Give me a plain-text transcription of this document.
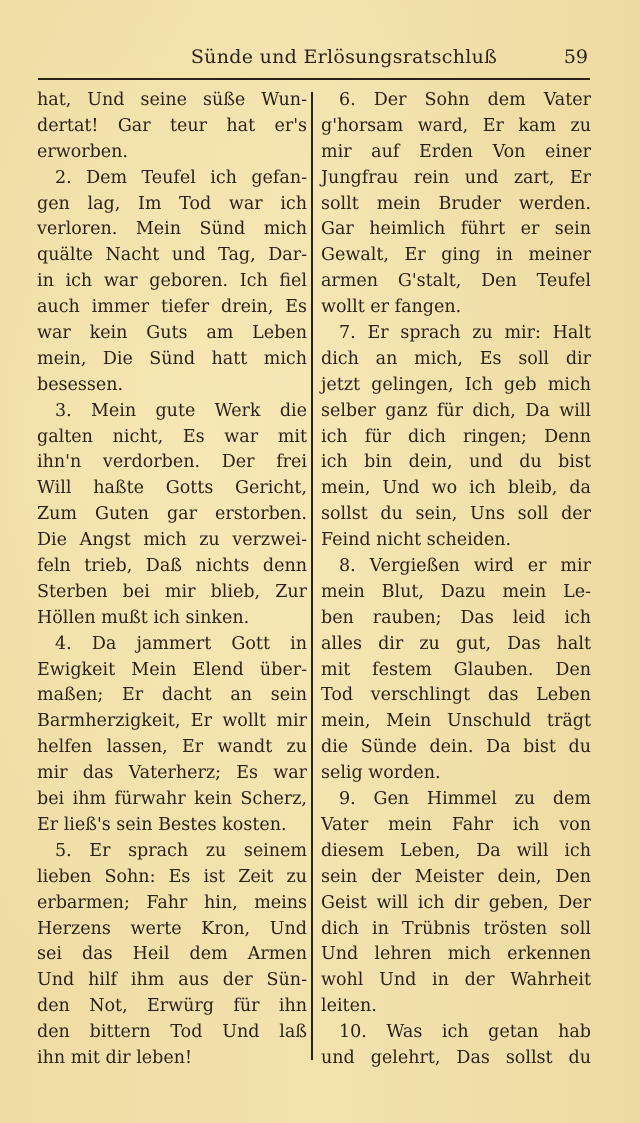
Sünde und Erlösungsratschluß	59
hat, Und seine süße Wun-
dertat! Gar teur hat er's
erworben.
2. Dem Teufel ich gefan-
gen lag, Im Tod war ich
verloren. Mein Sünd mich
quälte Nacht und Tag, Dar-
in ich war geboren. Ich fiel
auch immer tiefer drein, Es
war kein Guts am Leben
mein, Die Sünd hatt mich
besessen.
3. Mein gute Werk die
galten nicht, Es war mit
ihn'n verdorben. Der frei
Will haßte Gotts Gericht,
Zum Guten gar erstorben.
Die Angst mich zu verzwei-
feln trieb, Daß nichts denn
Sterben bei mir blieb, Zur
Höllen mußt ich sinken.
4. Da jammert Gott in
Ewigkeit Mein Elend über-
maßen; Er dacht an sein
Barmherzigkeit, Er wollt mir
helfen lassen, Er wandt zu
mir das Vaterherz; Es war
bei ihm fürwahr kein Scherz,
Er ließ's sein Bestes kosten.
5. Er sprach zu seinem
lieben Sohn: Es ist Zeit zu
erbarmen; Fahr hin, meins
Herzens werte Kron, Und
sei das Heil dem Armen
Und hilf ihm aus der Sün-
den Not, Erwürg für ihn
den bittern Tod Und laß
ihn mit dir leben!
6. Der Sohn dem Vater
g'horsam ward, Er kam zu
mir auf Erden Von einer
Jungfrau rein und zart, Er
sollt mein Bruder werden.
Gar heimlich führt er sein
Gewalt, Er ging in meiner
armen G'stalt, Den Teufel
wollt er fangen.
7. Er sprach zu mir: Halt
dich an mich, Es soll dir
jetzt gelingen, Ich geb mich
selber ganz für dich, Da will
ich für dich ringen; Denn
ich bin dein, und du bist
mein, Und wo ich bleib, da
sollst du sein, Uns soll der
Feind nicht scheiden.
8. Vergießen wird er mir
mein Blut, Dazu mein Le-
ben rauben; Das leid ich
alles dir zu gut, Das halt
mit festem Glauben. Den
Tod verschlingt das Leben
mein, Mein Unschuld trägt
die Sünde dein. Da bist du
selig worden.
9. Gen Himmel zu dem
Vater mein Fahr ich von
diesem Leben, Da will ich
sein der Meister dein, Den
Geist will ich dir geben, Der
dich in Trübnis trösten soll
Und lehren mich erkennen
wohl Und in der Wahrheit
leiten.
10. Was ich getan hab
und gelehrt, Das sollst du
